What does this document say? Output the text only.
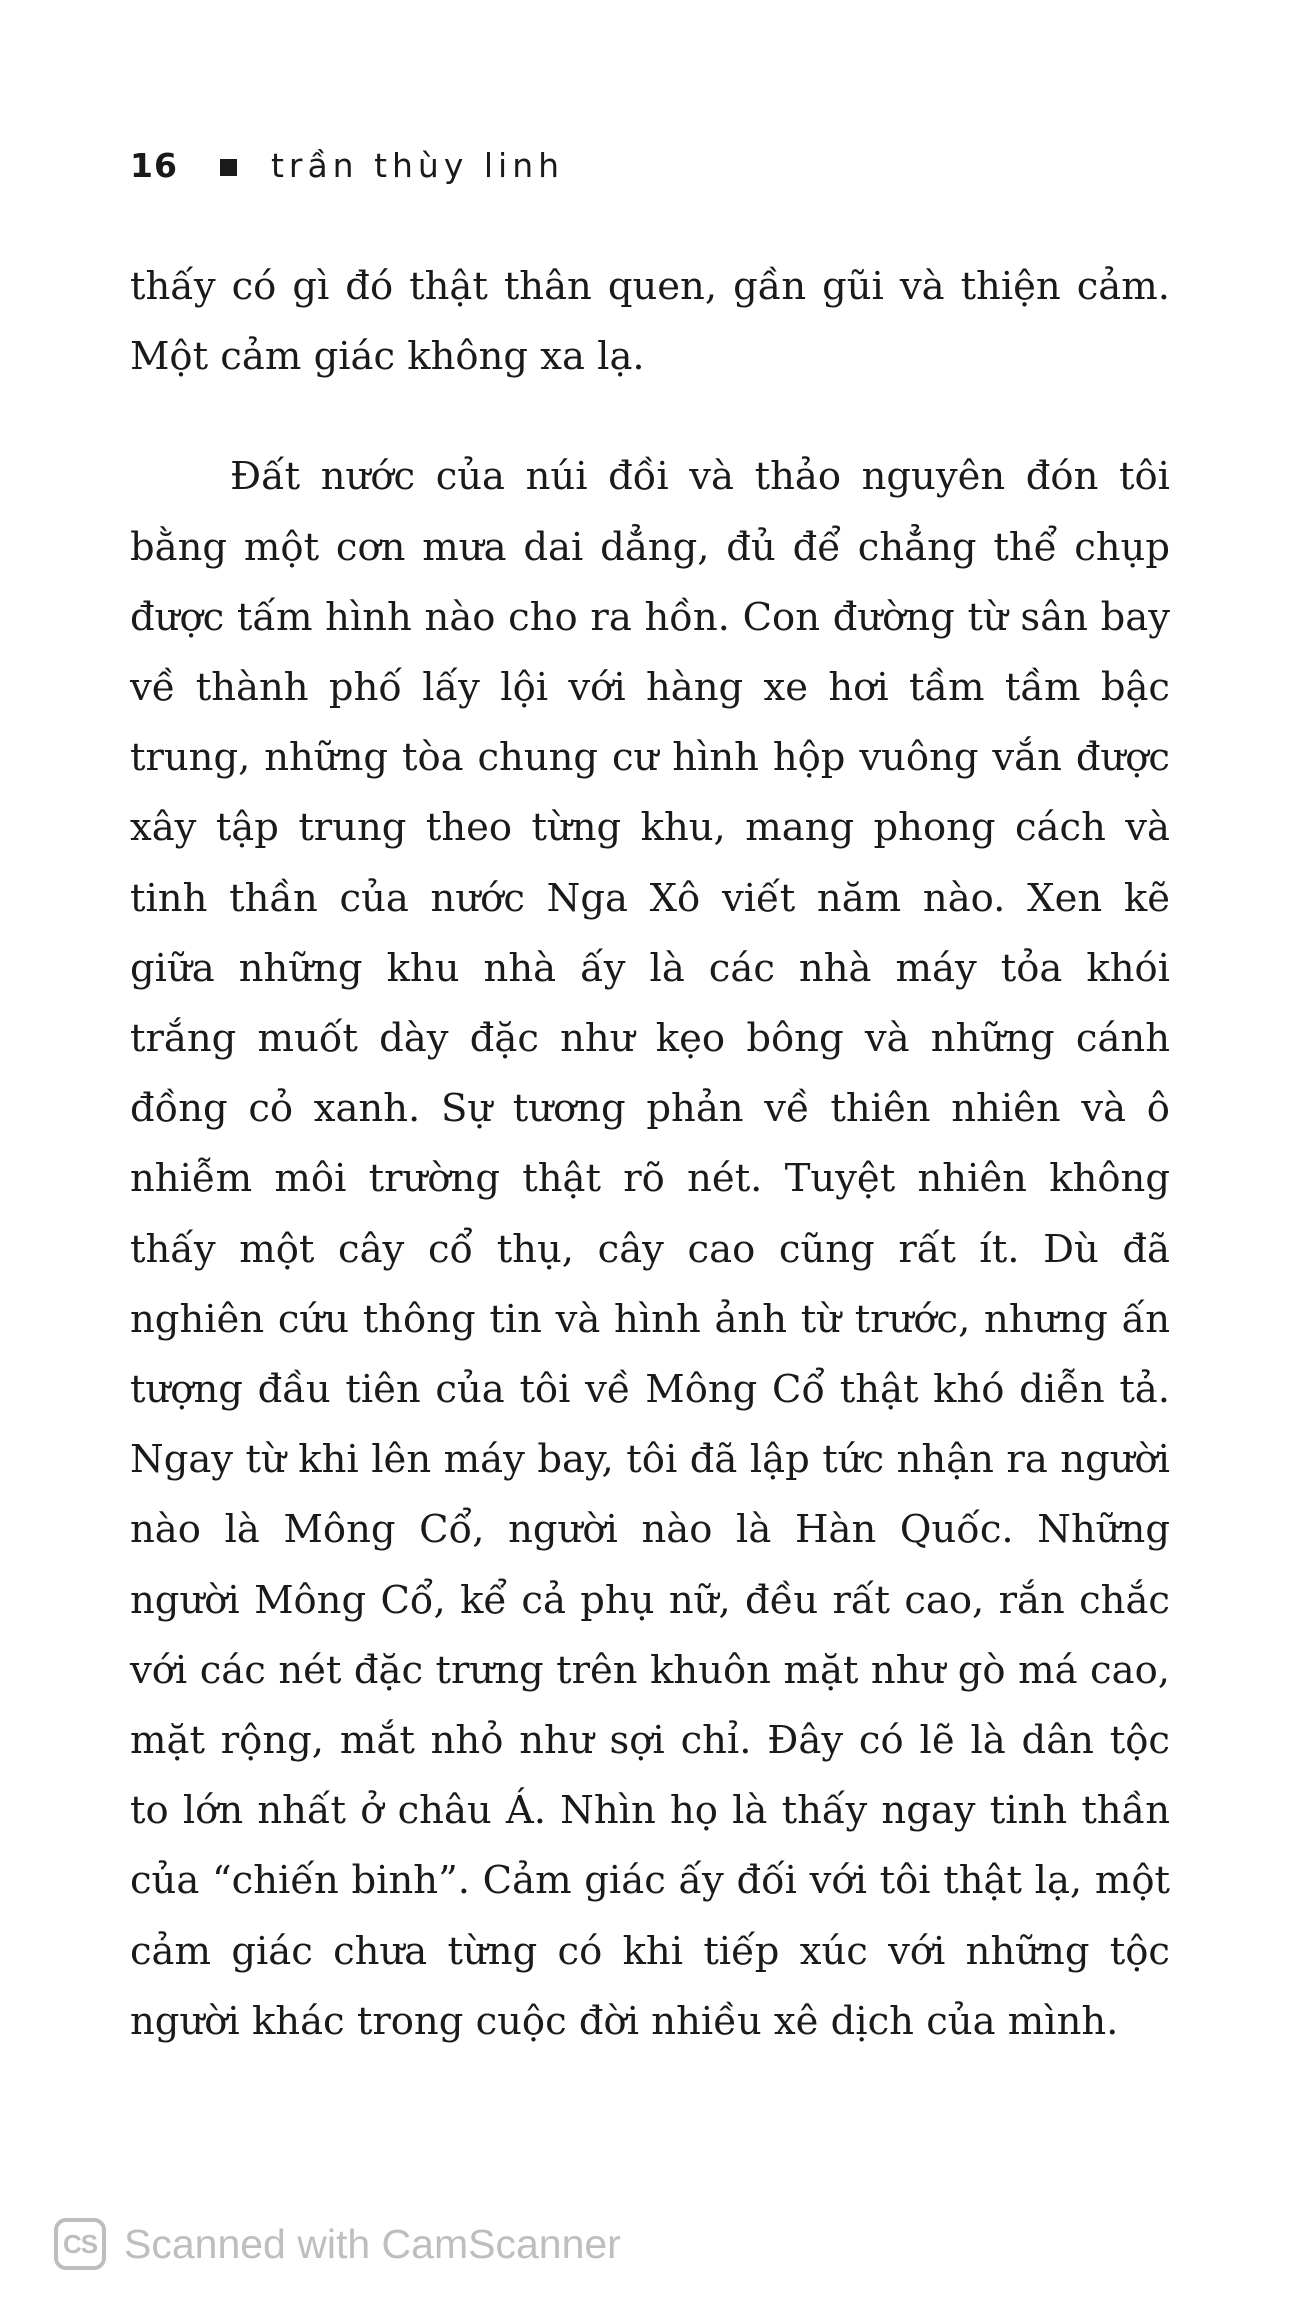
16	trần thùy linh

thấy có gì đó thật thân quen, gần gũi và thiện cảm. Một cảm giác không xa lạ.

Đất nước của núi đồi và thảo nguyên đón tôi bằng một cơn mưa dai dẳng, đủ để chẳng thể chụp được tấm hình nào cho ra hồn. Con đường từ sân bay về thành phố lấy lội với hàng xe hơi tầm tầm bậc trung, những tòa chung cư hình hộp vuông vắn được xây tập trung theo từng khu, mang phong cách và tinh thần của nước Nga Xô viết năm nào. Xen kẽ giữa những khu nhà ấy là các nhà máy tỏa khói trắng muốt dày đặc như kẹo bông và những cánh đồng cỏ xanh. Sự tương phản về thiên nhiên và ô nhiễm môi trường thật rõ nét. Tuyệt nhiên không thấy một cây cổ thụ, cây cao cũng rất ít. Dù đã nghiên cứu thông tin và hình ảnh từ trước, nhưng ấn tượng đầu tiên của tôi về Mông Cổ thật khó diễn tả. Ngay từ khi lên máy bay, tôi đã lập tức nhận ra người nào là Mông Cổ, người nào là Hàn Quốc. Những người Mông Cổ, kể cả phụ nữ, đều rất cao, rắn chắc với các nét đặc trưng trên khuôn mặt như gò má cao, mặt rộng, mắt nhỏ như sợi chỉ. Đây có lẽ là dân tộc to lớn nhất ở châu Á. Nhìn họ là thấy ngay tinh thần của “chiến binh”. Cảm giác ấy đối với tôi thật lạ, một cảm giác chưa từng có khi tiếp xúc với những tộc người khác trong cuộc đời nhiều xê dịch của mình.

CS Scanned with CamScanner
